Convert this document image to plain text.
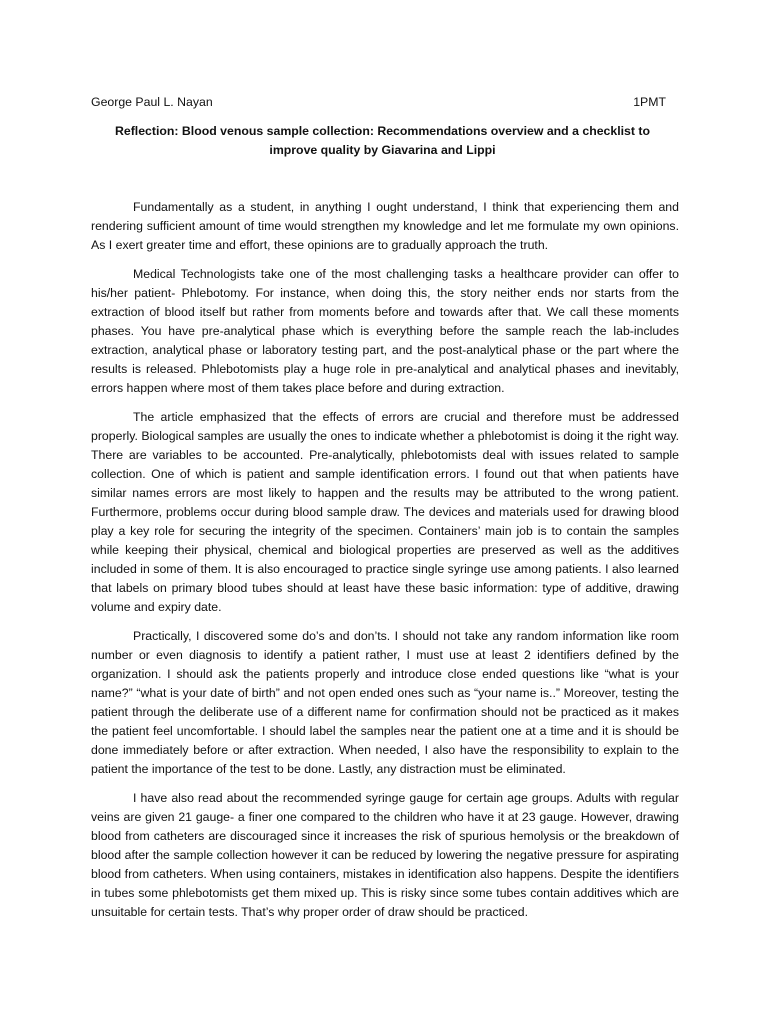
George Paul L. Nayan	1PMT
Reflection: Blood venous sample collection: Recommendations overview and a checklist to improve quality by Giavarina and Lippi

Fundamentally as a student, in anything I ought understand, I think that experiencing them and rendering sufficient amount of time would strengthen my knowledge and let me formulate my own opinions. As I exert greater time and effort, these opinions are to gradually approach the truth.

Medical Technologists take one of the most challenging tasks a healthcare provider can offer to his/her patient- Phlebotomy. For instance, when doing this, the story neither ends nor starts from the extraction of blood itself but rather from moments before and towards after that. We call these moments phases. You have pre-analytical phase which is everything before the sample reach the lab-includes extraction, analytical phase or laboratory testing part, and the post-analytical phase or the part where the results is released. Phlebotomists play a huge role in pre-analytical and analytical phases and inevitably, errors happen where most of them takes place before and during extraction.

The article emphasized that the effects of errors are crucial and therefore must be addressed properly. Biological samples are usually the ones to indicate whether a phlebotomist is doing it the right way. There are variables to be accounted. Pre-analytically, phlebotomists deal with issues related to sample collection. One of which is patient and sample identification errors. I found out that when patients have similar names errors are most likely to happen and the results may be attributed to the wrong patient. Furthermore, problems occur during blood sample draw. The devices and materials used for drawing blood play a key role for securing the integrity of the specimen. Containers’ main job is to contain the samples while keeping their physical, chemical and biological properties are preserved as well as the additives included in some of them. It is also encouraged to practice single syringe use among patients. I also learned that labels on primary blood tubes should at least have these basic information: type of additive, drawing volume and expiry date.

Practically, I discovered some do’s and don’ts. I should not take any random information like room number or even diagnosis to identify a patient rather, I must use at least 2 identifiers defined by the organization. I should ask the patients properly and introduce close ended questions like “what is your name?” “what is your date of birth” and not open ended ones such as “your name is..” Moreover, testing the patient through the deliberate use of a different name for confirmation should not be practiced as it makes the patient feel uncomfortable. I should label the samples near the patient one at a time and it is should be done immediately before or after extraction. When needed, I also have the responsibility to explain to the patient the importance of the test to be done. Lastly, any distraction must be eliminated.

I have also read about the recommended syringe gauge for certain age groups. Adults with regular veins are given 21 gauge- a finer one compared to the children who have it at 23 gauge. However, drawing blood from catheters are discouraged since it increases the risk of spurious hemolysis or the breakdown of blood after the sample collection however it can be reduced by lowering the negative pressure for aspirating blood from catheters. When using containers, mistakes in identification also happens. Despite the identifiers in tubes some phlebotomists get them mixed up. This is risky since some tubes contain additives which are unsuitable for certain tests. That’s why proper order of draw should be practiced.
